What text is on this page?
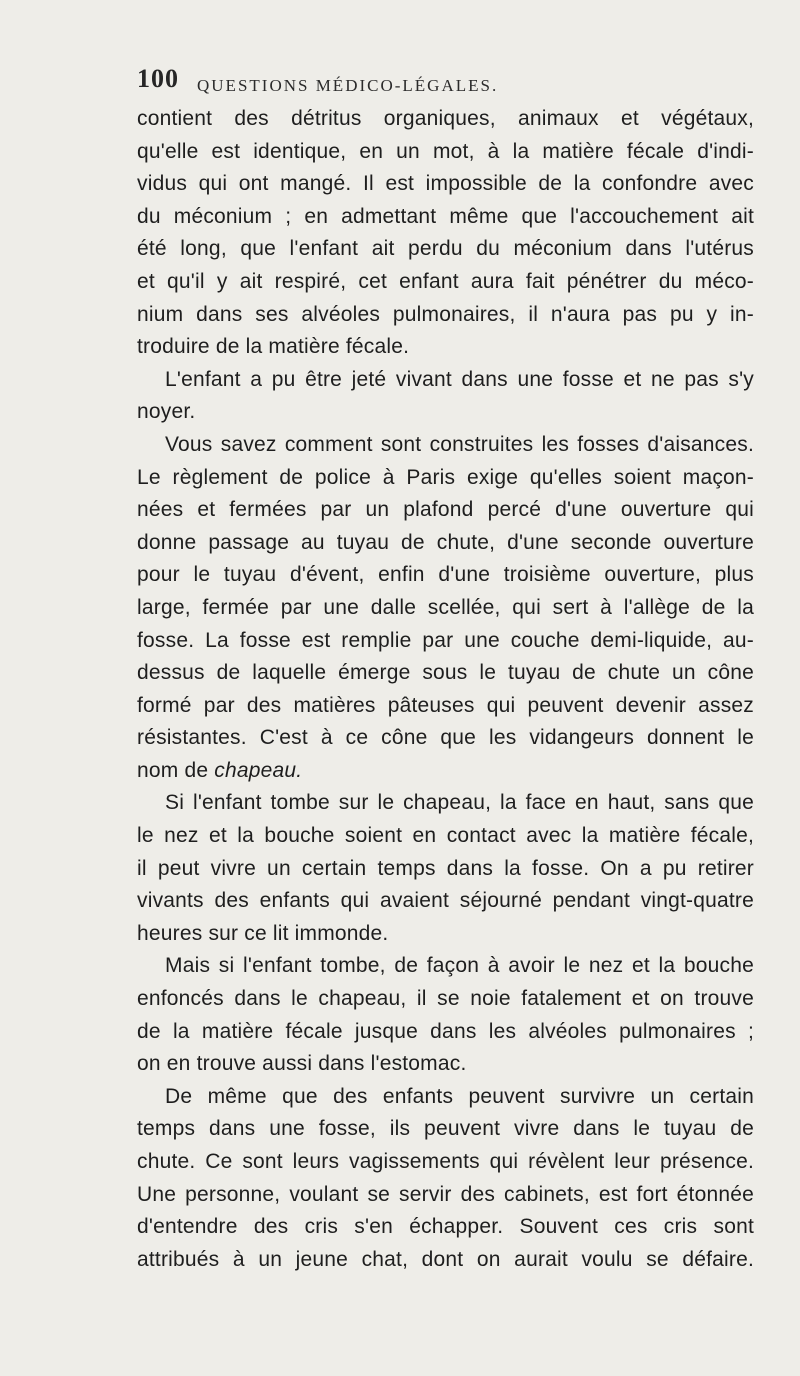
100 QUESTIONS MÉDICO-LÉGALES.
contient des détritus organiques, animaux et végétaux,
qu'elle est identique, en un mot, à la matière fécale d'indi-
vidus qui ont mangé. Il est impossible de la confondre avec
du méconium ; en admettant même que l'accouchement ait
été long, que l'enfant ait perdu du méconium dans l'utérus
et qu'il y ait respiré, cet enfant aura fait pénétrer du méco-
nium dans ses alvéoles pulmonaires, il n'aura pas pu y in-
troduire de la matière fécale.
L'enfant a pu être jeté vivant dans une fosse et ne pas s'y
noyer.
Vous savez comment sont construites les fosses d'aisances.
Le règlement de police à Paris exige qu'elles soient maçon-
nées et fermées par un plafond percé d'une ouverture qui
donne passage au tuyau de chute, d'une seconde ouverture
pour le tuyau d'évent, enfin d'une troisième ouverture, plus
large, fermée par une dalle scellée, qui sert à l'allège de la
fosse. La fosse est remplie par une couche demi-liquide, au-
dessus de laquelle émerge sous le tuyau de chute un cône
formé par des matières pâteuses qui peuvent devenir assez
résistantes. C'est à ce cône que les vidangeurs donnent le
nom de chapeau.
Si l'enfant tombe sur le chapeau, la face en haut, sans que
le nez et la bouche soient en contact avec la matière fécale,
il peut vivre un certain temps dans la fosse. On a pu retirer
vivants des enfants qui avaient séjourné pendant vingt-quatre
heures sur ce lit immonde.
Mais si l'enfant tombe, de façon à avoir le nez et la bouche
enfoncés dans le chapeau, il se noie fatalement et on trouve
de la matière fécale jusque dans les alvéoles pulmonaires ;
on en trouve aussi dans l'estomac.
De même que des enfants peuvent survivre un certain
temps dans une fosse, ils peuvent vivre dans le tuyau de
chute. Ce sont leurs vagissements qui révèlent leur présence.
Une personne, voulant se servir des cabinets, est fort étonnée
d'entendre des cris s'en échapper. Souvent ces cris sont
attribués à un jeune chat, dont on aurait voulu se défaire.
